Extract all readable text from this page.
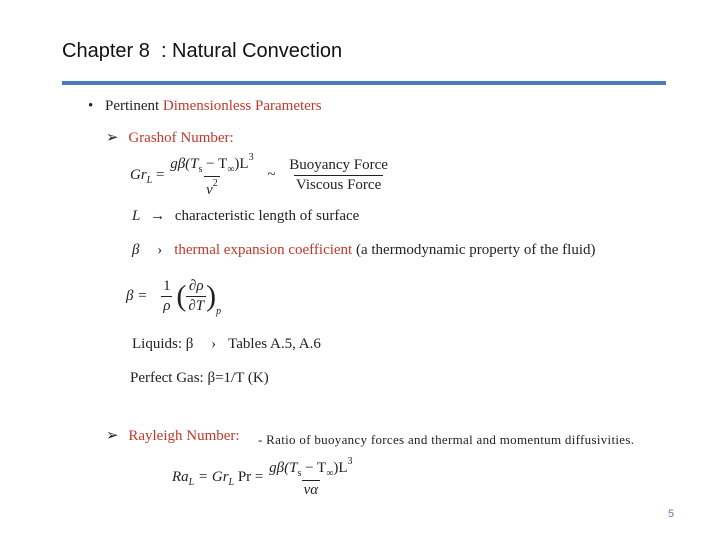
Chapter 8  : Natural Convection
• Pertinent Dimensionless Parameters
➢ Grashof Number:
$Gr_L = \frac{g\beta(T_s - T_\infty)L^3}{\nu^2}$ ~ $\frac{\text{Buoyancy Force}}{\text{Viscous Force}}$
L → characteristic length of surface
β › thermal expansion coefficient (a thermodynamic property of the fluid)
$\beta = \frac{1}{\rho}$ ( $\frac{\partial\rho}{\partial T} )_p$
Liquids: β › Tables A.5, A.6
Perfect Gas: β=1/T (K)
➢ Rayleigh Number: - Ratio of buoyancy forces and thermal and momentum diffusivities.
$Ra_L = Gr_L$ $Pr = \frac{g\beta(T_s - T_\infty)L^3}{\nu\alpha}$
5
